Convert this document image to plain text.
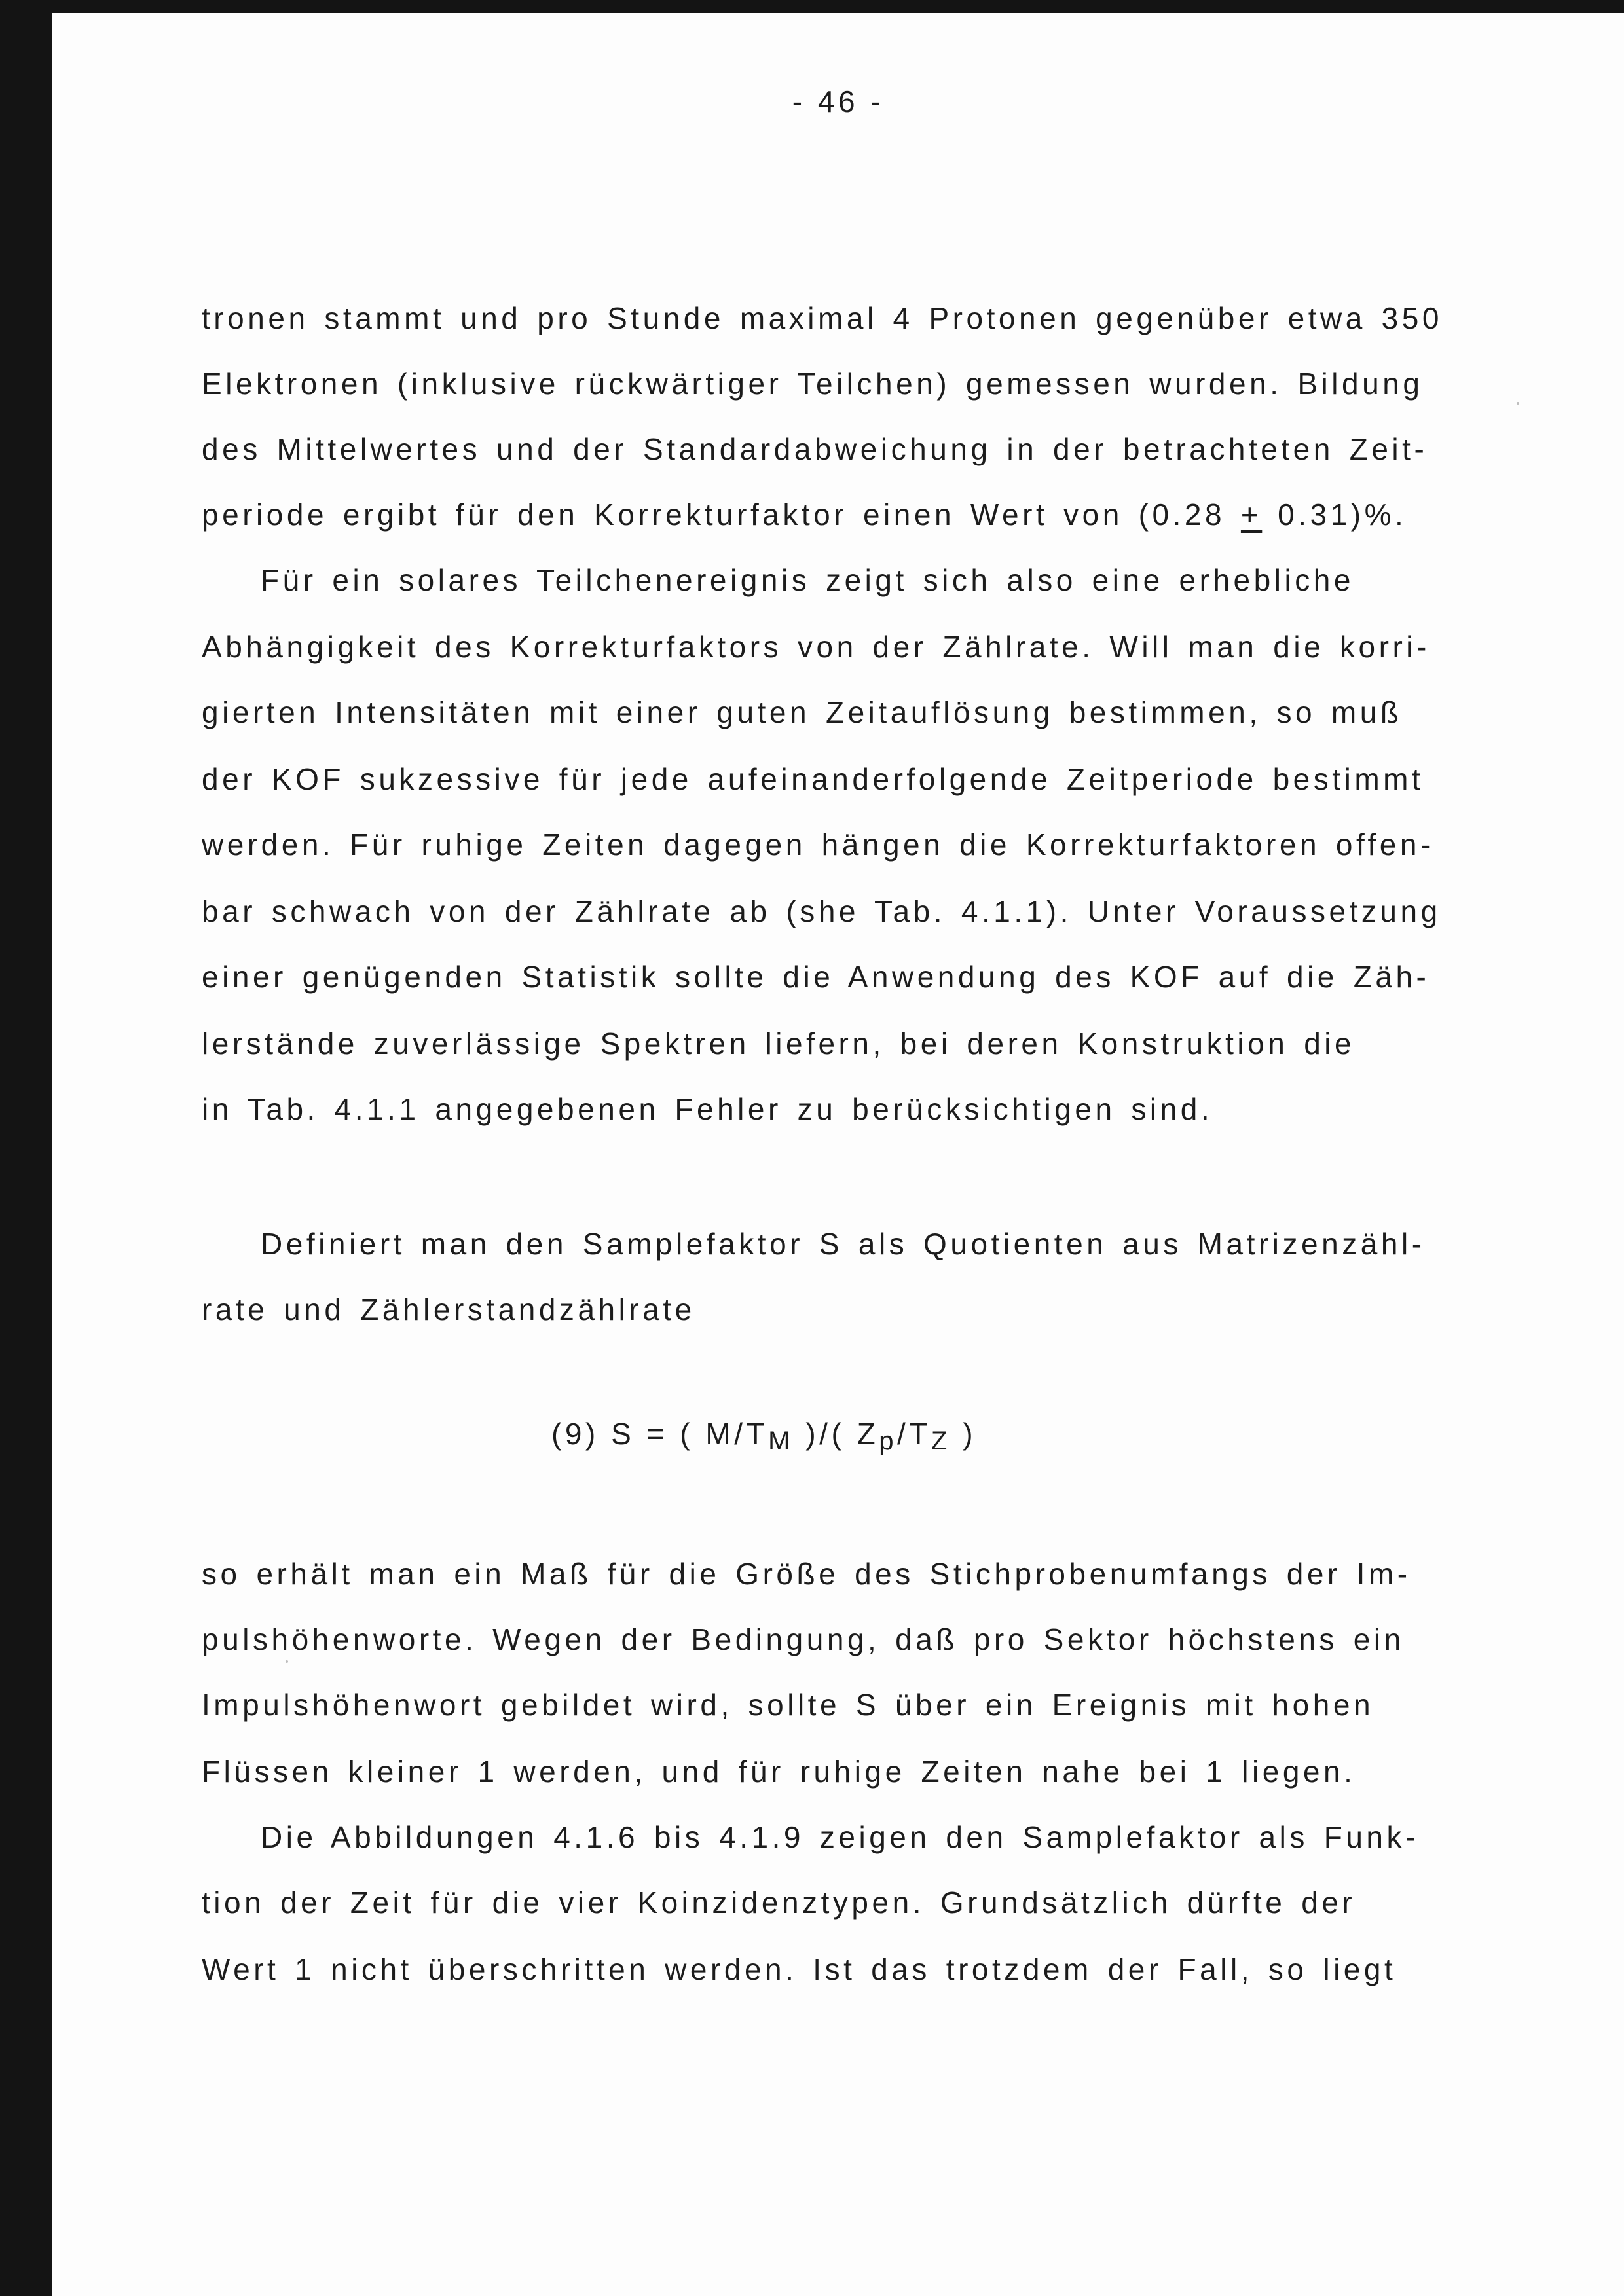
- 46 -
tronen stammt und pro Stunde maximal 4 Protonen gegenüber etwa 350
Elektronen (inklusive rückwärtiger Teilchen) gemessen wurden. Bildung
des Mittelwertes und der Standardabweichung in der betrachteten Zeit-
periode ergibt für den Korrekturfaktor einen Wert von (0.28 + 0.31)%.
Für ein solares Teilchenereignis zeigt sich also eine erhebliche
Abhängigkeit des Korrekturfaktors von der Zählrate. Will man die korri-
gierten Intensitäten mit einer guten Zeitauflösung bestimmen, so muß
der KOF sukzessive für jede aufeinanderfolgende Zeitperiode bestimmt
werden. Für ruhige Zeiten dagegen hängen die Korrekturfaktoren offen-
bar schwach von der Zählrate ab (she Tab. 4.1.1). Unter Voraussetzung
einer genügenden Statistik sollte die Anwendung des KOF auf die Zäh-
lerstände zuverlässige Spektren liefern, bei deren Konstruktion die
in Tab. 4.1.1 angegebenen Fehler zu berücksichtigen sind.
Definiert man den Samplefaktor S als Quotienten aus Matrizenzähl-
rate und Zählerstandzählrate
(9) S = ( $M/T_M$ )/( $Z_p/T_Z$ )
so erhält man ein Maß für die Größe des Stichprobenumfangs der Im-
pulshöhenworte. Wegen der Bedingung, daß pro Sektor höchstens ein
Impulshöhenwort gebildet wird, sollte S über ein Ereignis mit hohen
Flüssen kleiner 1 werden, und für ruhige Zeiten nahe bei 1 liegen.
Die Abbildungen 4.1.6 bis 4.1.9 zeigen den Samplefaktor als Funk-
tion der Zeit für die vier Koinzidenztypen. Grundsätzlich dürfte der
Wert 1 nicht überschritten werden. Ist das trotzdem der Fall, so liegt
